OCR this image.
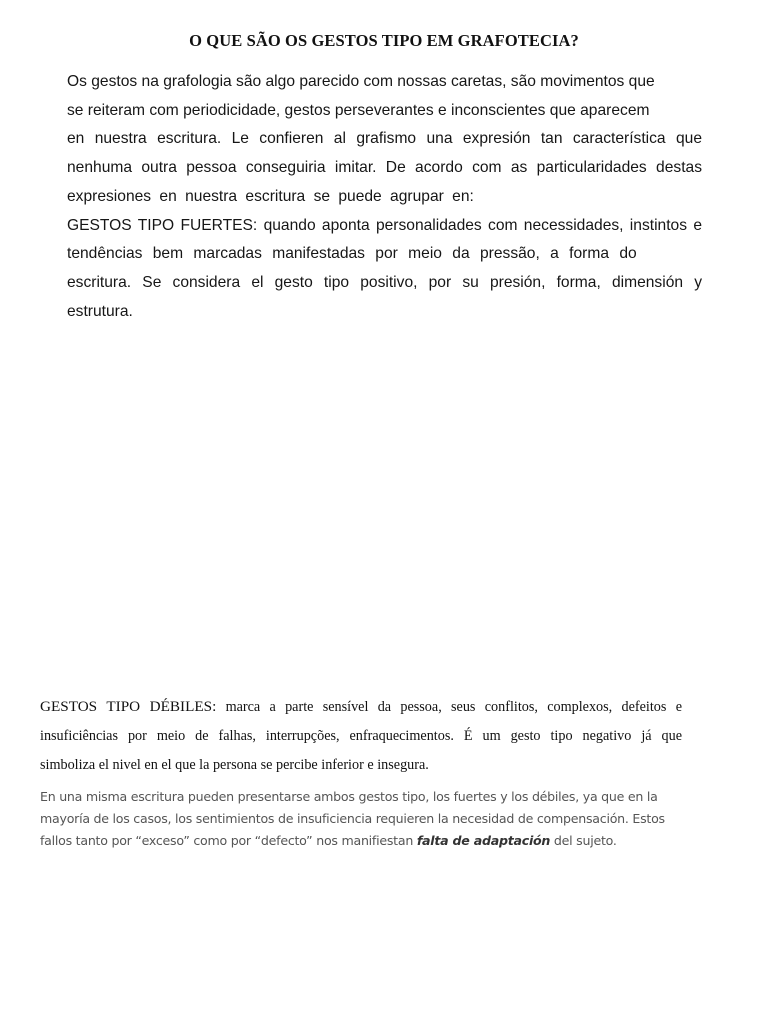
O QUE SÃO OS GESTOS TIPO EM GRAFOTECIA?
Os gestos na grafologia são algo parecido com nossas caretas, são movimentos que
se reiteram com periodicidade, gestos perseverantes e inconscientes que aparecem
en nuestra escritura. Le confieren al grafismo una expresión tan característica que
nenhuma outra pessoa conseguiria imitar. De acordo com as particularidades destas
expresiones en nuestra escritura se puede agrupar en:
GESTOS TIPO FUERTES: quando aponta personalidades com necessidades, instintos e
tendências bem marcadas manifestadas por meio da pressão, a forma do
escritura. Se considera el gesto tipo positivo, por su presión, forma, dimensión y
estrutura.
GESTOS TIPO DÉBILES: marca a parte sensível da pessoa, seus conflitos, complexos, defeitos e
insuficiências por meio de falhas, interrupções, enfraquecimentos. É um gesto tipo negativo já que
simboliza el nivel en el que la persona se percibe inferior e insegura.
En una misma escritura pueden presentarse ambos gestos tipo, los fuertes y los débiles, ya que en la
mayoría de los casos, los sentimientos de insuficiencia requieren la necesidad de compensación. Estos
fallos tanto por “exceso” como por “defecto” nos manifiestan falta de adaptación del sujeto.
